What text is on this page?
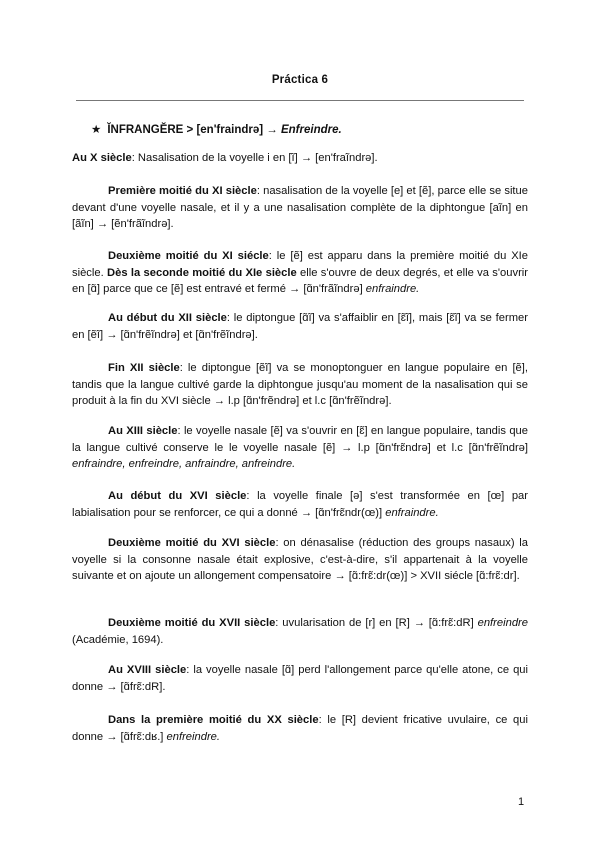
Práctica 6
★ ĬNFRANGĔRE > [en'fraindrə] → Enfreindre.
Au X siècle: Nasalisation de la voyelle i en [ĩ] → [en'fraĩndrə].
Première moitié du XI siècle: nasalisation de la voyelle [e] et [ẽ], parce elle se situe devant d'une voyelle nasale, et il y a une nasalisation complète de la diphtongue [aĩn] en [ãĩn] → [ẽn'frãĩndrə].
Deuxième moitié du XI siécle: le [ẽ] est apparu dans la première moitié du XIe siècle. Dès la seconde moitié du XIe siècle elle s'ouvre de deux degrés, et elle va s'ouvrir en [ɑ̃] parce que ce [ẽ] est entravé et fermé → [ɑ̃n'frãĩndrə] enfraindre.
Au début du XII siècle: le diptongue [ɑ̃ĩ] va s'affaiblir en [ɛ̃ĩ], mais [ɛ̃ĩ] va se fermer en [ẽĩ] → [ɑ̃n'frẽĩndrə] et [ɑ̃n'frẽĩndrə].
Fin XII siècle: le diptongue [ẽĩ] va se monoptonguer en langue populaire en [ẽ], tandis que la langue cultivé garde la diphtongue jusqu'au moment de la nasalisation qui se produit à la fin du XVI siècle → l.p [ɑ̃n'frẽndrə] et l.c [ɑ̃n'frẽĩndrə].
Au XIII siècle: le voyelle nasale [ẽ] va s'ouvrir en [ɛ̃] en langue populaire, tandis que la langue cultivé conserve le le voyelle nasale [ẽ] → l.p [ɑ̃n'frɛ̃ndrə] et l.c [ɑ̃n'frẽĩndrə] enfraindre, enfreindre, anfraindre, anfreindre.
Au début du XVI siècle: la voyelle finale [ə] s'est transformée en [œ] par labialisation pour se renforcer, ce qui a donné → [ɑ̃n'frɛ̃ndr(œ)] enfraindre.
Deuxième moitié du XVI siècle: on dénasalise (réduction des groups nasaux) la voyelle si la consonne nasale était explosive, c'est-à-dire, s'il appartenait à la voyelle suivante et on ajoute un allongement compensatoire → [ɑ̃:frɛ̃:dr(œ)] > XVII siécle [ɑ̃:frɛ̃:dr].
Deuxième moitié du XVII siècle: uvularisation de [r] en [R] → [ɑ̃:frɛ̃:dR] enfreindre (Académie, 1694).
Au XVIII siècle: la voyelle nasale [ɑ̃] perd l'allongement parce qu'elle atone, ce qui donne → [ɑ̃frɛ̃:dR].
Dans la première moitié du XX siècle: le [R] devient fricative uvulaire, ce qui donne → [ɑ̃frɛ̃:dʁ.] enfreindre.
1
